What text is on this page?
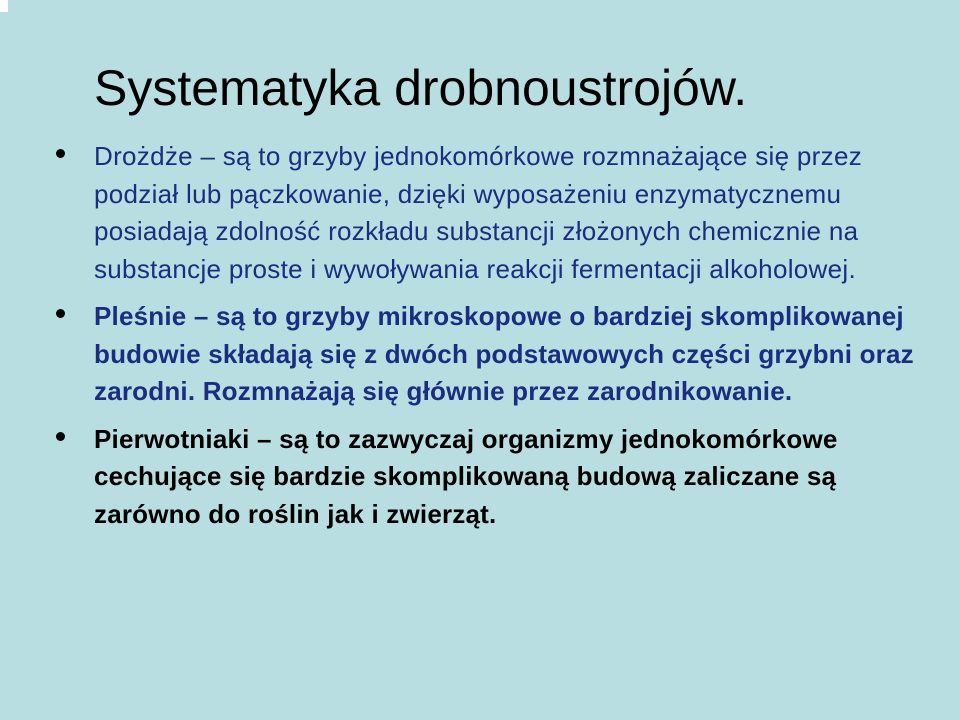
Systematyka drobnoustrojów.
Drożdże – są to grzyby jednokomórkowe rozmnażające się przez podział lub pączkowanie, dzięki wyposażeniu enzymatycznemu posiadają zdolność rozkładu substancji złożonych chemicznie na substancje proste i wywoływania reakcji fermentacji alkoholowej.
Pleśnie – są to grzyby mikroskopowe o bardziej skomplikowanej budowie składają się z dwóch podstawowych części grzybni oraz zarodni. Rozmnażają się głównie przez zarodnikowanie.
Pierwotniaki – są to zazwyczaj organizmy jednokomórkowe cechujące się bardzie skomplikowaną budową zaliczane są zarówno do roślin jak i zwierząt.
